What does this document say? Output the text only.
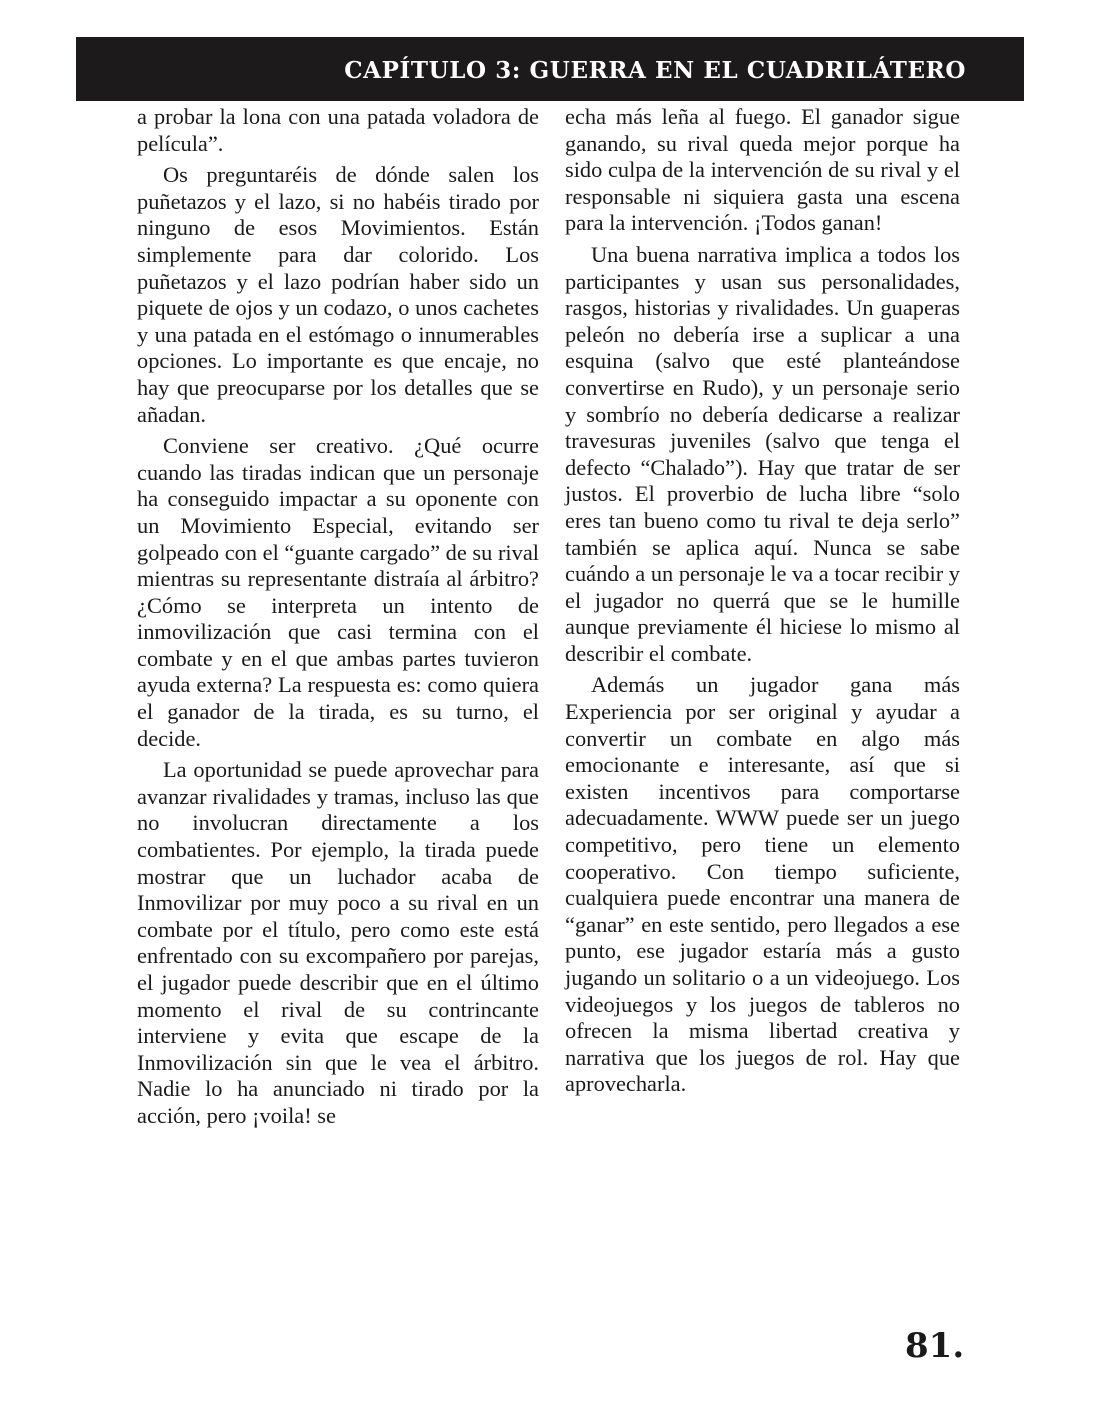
CAPÍTULO 3: GUERRA EN EL CUADRILÁTERO

a probar la lona con una patada voladora de película”.

Os preguntaréis de dónde salen los puñetazos y el lazo, si no habéis tirado por ninguno de esos Movimientos. Están simplemente para dar colorido. Los puñetazos y el lazo podrían haber sido un piquete de ojos y un codazo, o unos cachetes y una patada en el estómago o innumerables opciones. Lo importante es que encaje, no hay que preocuparse por los detalles que se añadan.

Conviene ser creativo. ¿Qué ocurre cuando las tiradas indican que un personaje ha conseguido impactar a su oponente con un Movimiento Especial, evitando ser golpeado con el “guante cargado” de su rival mientras su representante distraía al árbitro? ¿Cómo se interpreta un intento de inmovilización que casi termina con el combate y en el que ambas partes tuvieron ayuda externa? La respuesta es: como quiera el ganador de la tirada, es su turno, el decide.

La oportunidad se puede aprovechar para avanzar rivalidades y tramas, incluso las que no involucran directamente a los combatientes. Por ejemplo, la tirada puede mostrar que un luchador acaba de Inmovilizar por muy poco a su rival en un combate por el título, pero como este está enfrentado con su excompañero por parejas, el jugador puede describir que en el último momento el rival de su contrincante interviene y evita que escape de la Inmovilización sin que le vea el árbitro. Nadie lo ha anunciado ni tirado por la acción, pero ¡voila! se

echa más leña al fuego. El ganador sigue ganando, su rival queda mejor porque ha sido culpa de la intervención de su rival y el responsable ni siquiera gasta una escena para la intervención. ¡Todos ganan!

Una buena narrativa implica a todos los participantes y usan sus personalidades, rasgos, historias y rivalidades. Un guaperas peleón no debería irse a suplicar a una esquina (salvo que esté planteándose convertirse en Rudo), y un personaje serio y sombrío no debería dedicarse a realizar travesuras juveniles (salvo que tenga el defecto “Chalado”). Hay que tratar de ser justos. El proverbio de lucha libre “solo eres tan bueno como tu rival te deja serlo” también se aplica aquí. Nunca se sabe cuándo a un personaje le va a tocar recibir y el jugador no querrá que se le humille aunque previamente él hiciese lo mismo al describir el combate.

Además un jugador gana más Experiencia por ser original y ayudar a convertir un combate en algo más emocionante e interesante, así que si existen incentivos para comportarse adecuadamente. WWW puede ser un juego competitivo, pero tiene un elemento cooperativo. Con tiempo suficiente, cualquiera puede encontrar una manera de “ganar” en este sentido, pero llegados a ese punto, ese jugador estaría más a gusto jugando un solitario o a un videojuego. Los videojuegos y los juegos de tableros no ofrecen la misma libertad creativa y narrativa que los juegos de rol. Hay que aprovecharla.

81.
